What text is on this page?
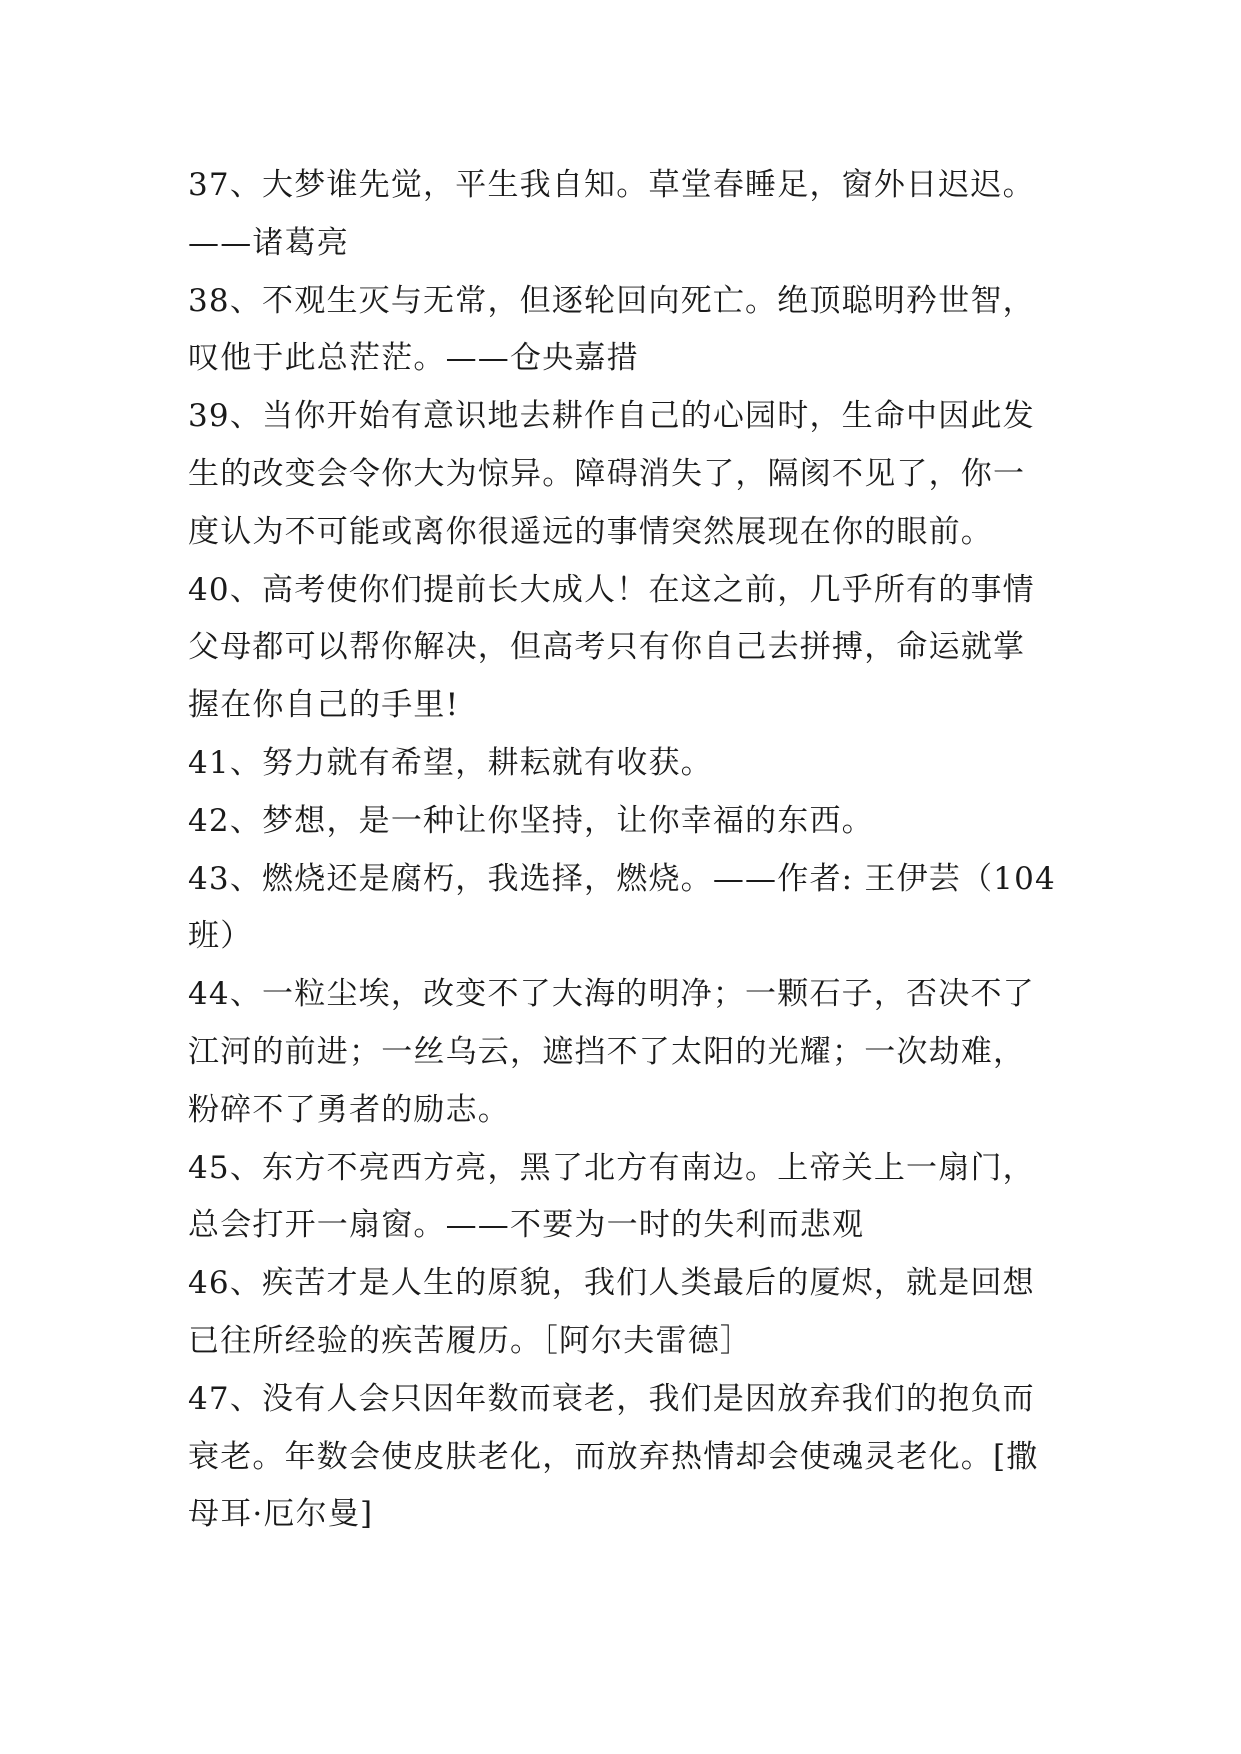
37、大梦谁先觉，平生我自知。草堂春睡足，窗外日迟迟。
——诸葛亮
38、不观生灭与无常，但逐轮回向死亡。绝顶聪明矜世智，
叹他于此总茫茫。——仓央嘉措
39、当你开始有意识地去耕作自己的心园时，生命中因此发
生的改变会令你大为惊异。障碍消失了，隔阂不见了，你一
度认为不可能或离你很遥远的事情突然展现在你的眼前。
40、高考使你们提前长大成人！在这之前，几乎所有的事情
父母都可以帮你解决，但高考只有你自己去拼搏，命运就掌
握在你自己的手里!
41、努力就有希望，耕耘就有收获。
42、梦想，是一种让你坚持，让你幸福的东西。
43、燃烧还是腐朽，我选择，燃烧。——作者: 王伊芸（104
班）
44、一粒尘埃，改变不了大海的明净；一颗石子，否决不了
江河的前进；一丝乌云，遮挡不了太阳的光耀；一次劫难，
粉碎不了勇者的励志。
45、东方不亮西方亮，黑了北方有南边。上帝关上一扇门，
总会打开一扇窗。——不要为一时的失利而悲观
46、疾苦才是人生的原貌，我们人类最后的厦烬，就是回想
已往所经验的疾苦履历。［阿尔夫雷德］
47、没有人会只因年数而衰老，我们是因放弃我们的抱负而
衰老。年数会使皮肤老化，而放弃热情却会使魂灵老化。[撒
母耳·厄尔曼]
